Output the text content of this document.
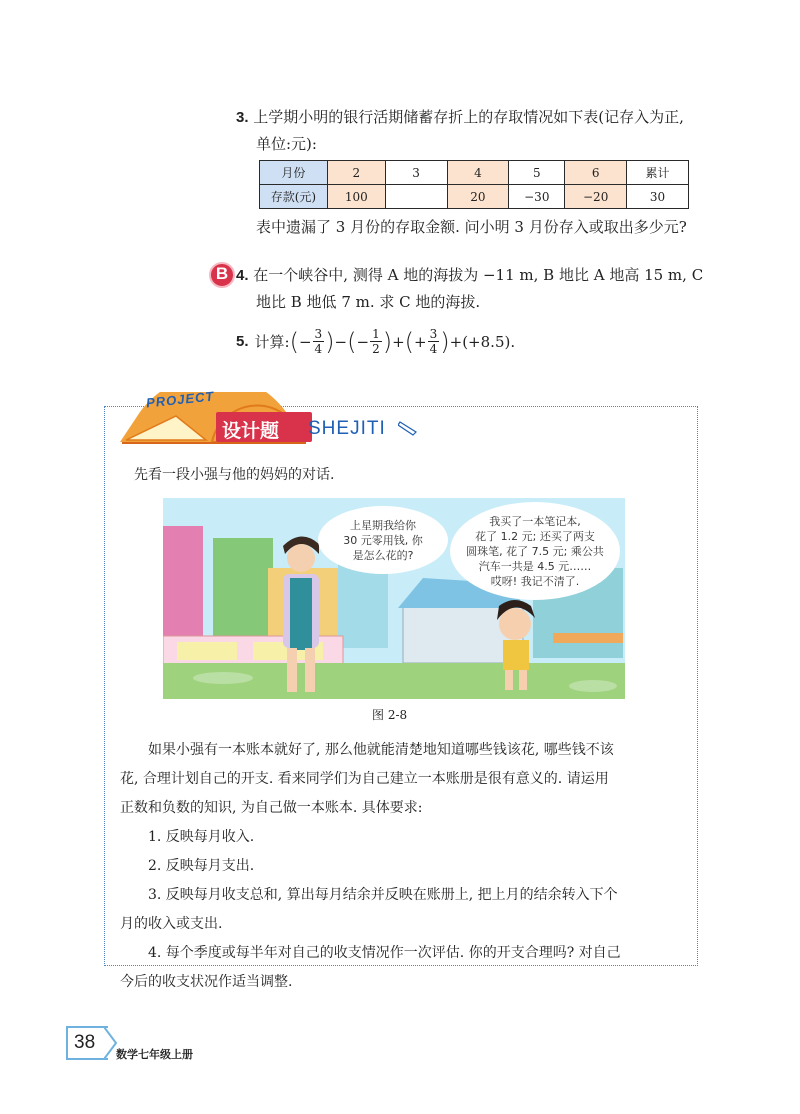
3. 上学期小明的银行活期储蓄存折上的存取情况如下表(记存入为正,
单位:元):
月份	2	3	4	5	6	累计
存款(元)	100		20	−30	−20	30
表中遗漏了 3 月份的存取金额. 问小明 3 月份存入或取出多少元?
B 4. 在一个峡谷中, 测得 A 地的海拔为 −11 m, B 地比 A 地高 15 m, C
地比 B 地低 7 m. 求 C 地的海拔.
5. 计算: ( − $\frac{3}{4}$ ) − ( − $\frac{1}{2}$ ) + ( + $\frac{3}{4}$ ) +(+8.5).
PROJECT
设计题 SHEJITI
先看一段小强与他的妈妈的对话.
上星期我给你
30 元零用钱, 你
是怎么花的?
我买了一本笔记本,
花了 1.2 元; 还买了两支
圆珠笔, 花了 7.5 元; 乘公共
汽车一共是 4.5 元……
哎呀! 我记不清了.
图 2-8
如果小强有一本账本就好了, 那么他就能清楚地知道哪些钱该花, 哪些钱不该
花, 合理计划自己的开支. 看来同学们为自己建立一本账册是很有意义的. 请运用
正数和负数的知识, 为自己做一本账本. 具体要求:
1. 反映每月收入.
2. 反映每月支出.
3. 反映每月收支总和, 算出每月结余并反映在账册上, 把上月的结余转入下个
月的收入或支出.
4. 每个季度或每半年对自己的收支情况作一次评估. 你的开支合理吗? 对自己
今后的收支状况作适当调整.
38
数学七年级上册
